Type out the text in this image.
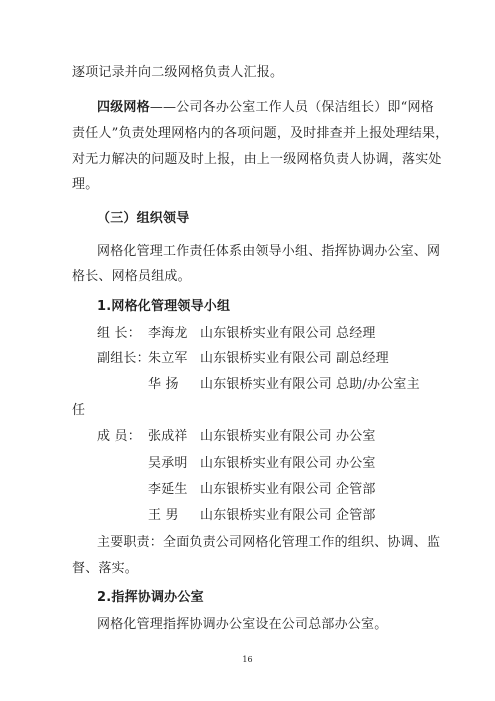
逐项记录并向二级网格负责人汇报。
四级网格——公司各办公室工作人员（保洁组长）即“网格
责任人”负责处理网格内的各项问题，及时排查并上报处理结果，
对无力解决的问题及时上报，由上一级网格负责人协调，落实处
理。
（三）组织领导
网格化管理工作责任体系由领导小组、指挥协调办公室、网
格长、网格员组成。
1.网格化管理领导小组
组 长： 李海龙 山东银桥实业有限公司 总经理
副组长：
朱立军 山东银桥实业有限公司 副总经理
华 扬 山东银桥实业有限公司 总助/办公室主
任
成 员： 张成祥 山东银桥实业有限公司 办公室
吴承明 山东银桥实业有限公司 办公室
李延生 山东银桥实业有限公司 企管部
王 男 山东银桥实业有限公司 企管部
主要职责：全面负责公司网格化管理工作的组织、协调、监
督、落实。
2.指挥协调办公室
网格化管理指挥协调办公室设在公司总部办公室。
16
